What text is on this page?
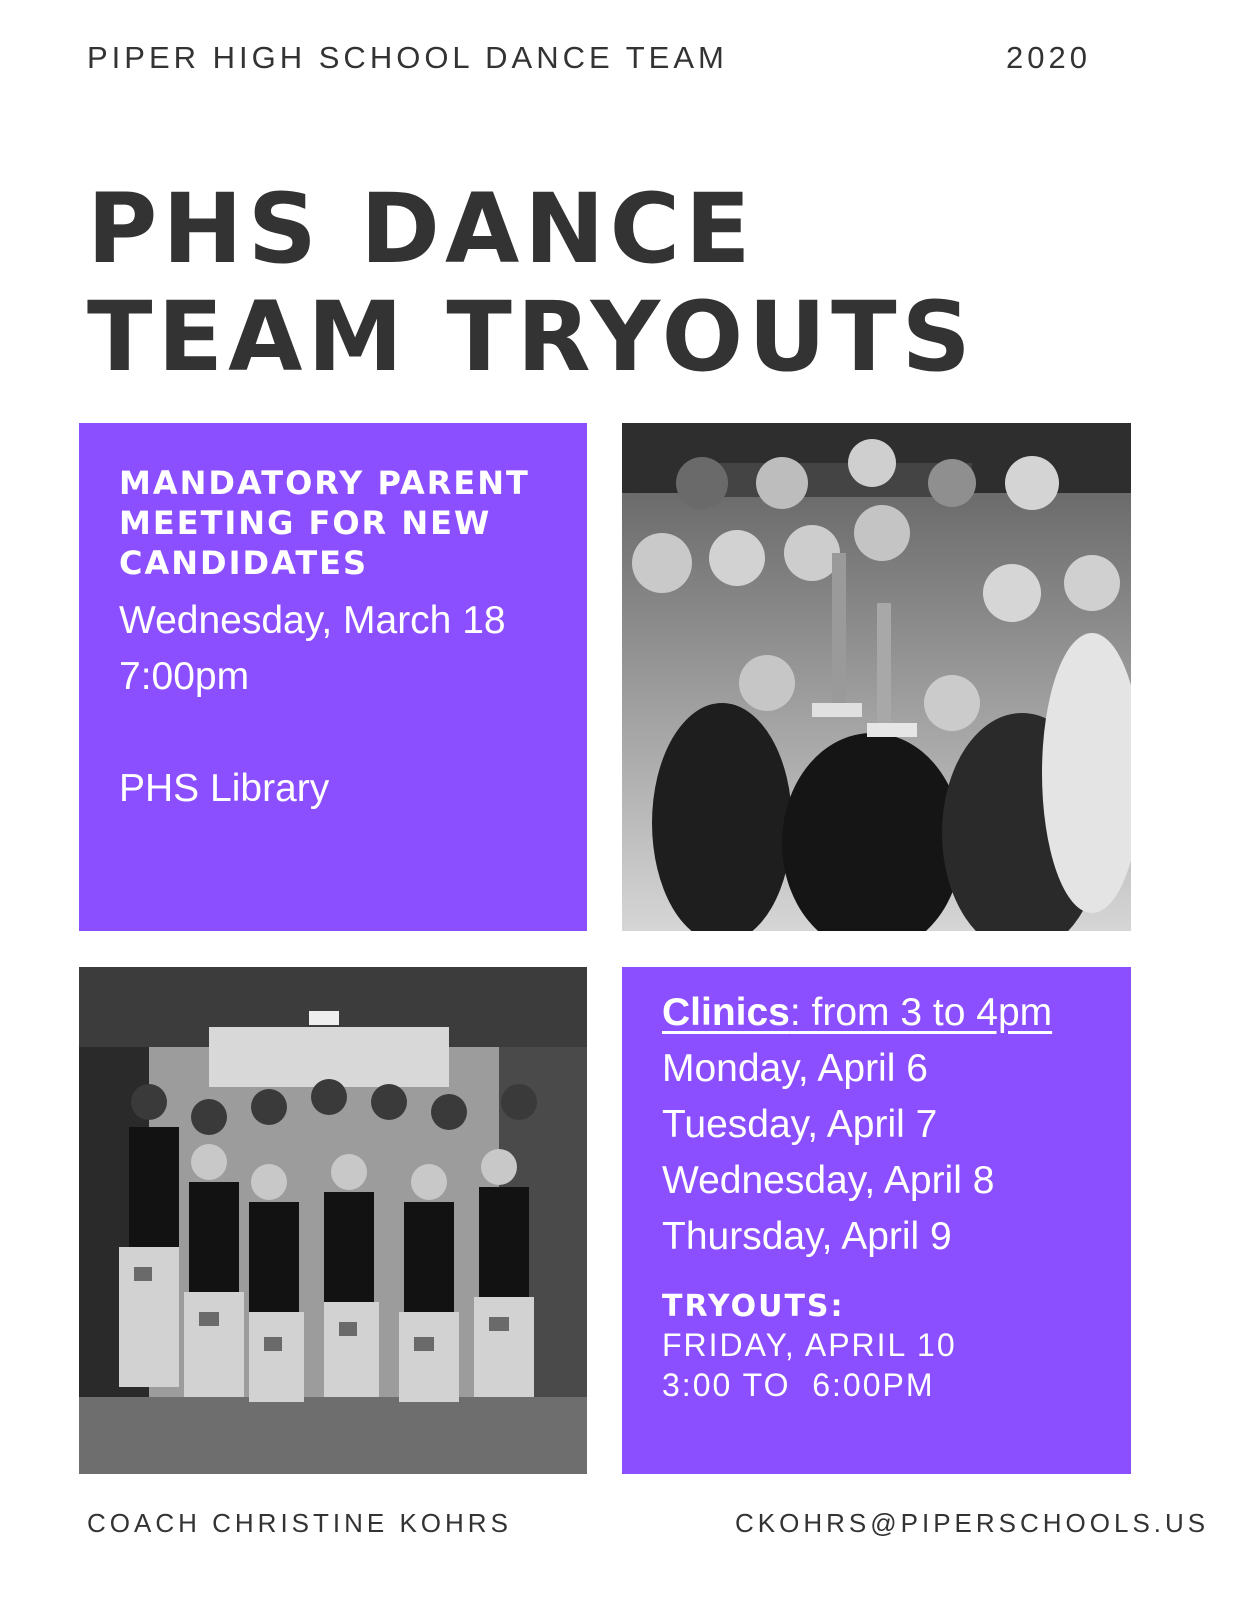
PIPER HIGH SCHOOL DANCE TEAM	2020
PHS DANCE
TEAM TRYOUTS
MANDATORY PARENT MEETING FOR NEW CANDIDATES
Wednesday, March 18
7:00pm
PHS Library
Clinics: from 3 to 4pm
Monday, April 6
Tuesday, April 7
Wednesday, April 8
Thursday, April 9
TRYOUTS:
FRIDAY, APRIL 10
3:00 TO  6:00PM
COACH CHRISTINE KOHRS	CKOHRS@PIPERSCHOOLS.US
